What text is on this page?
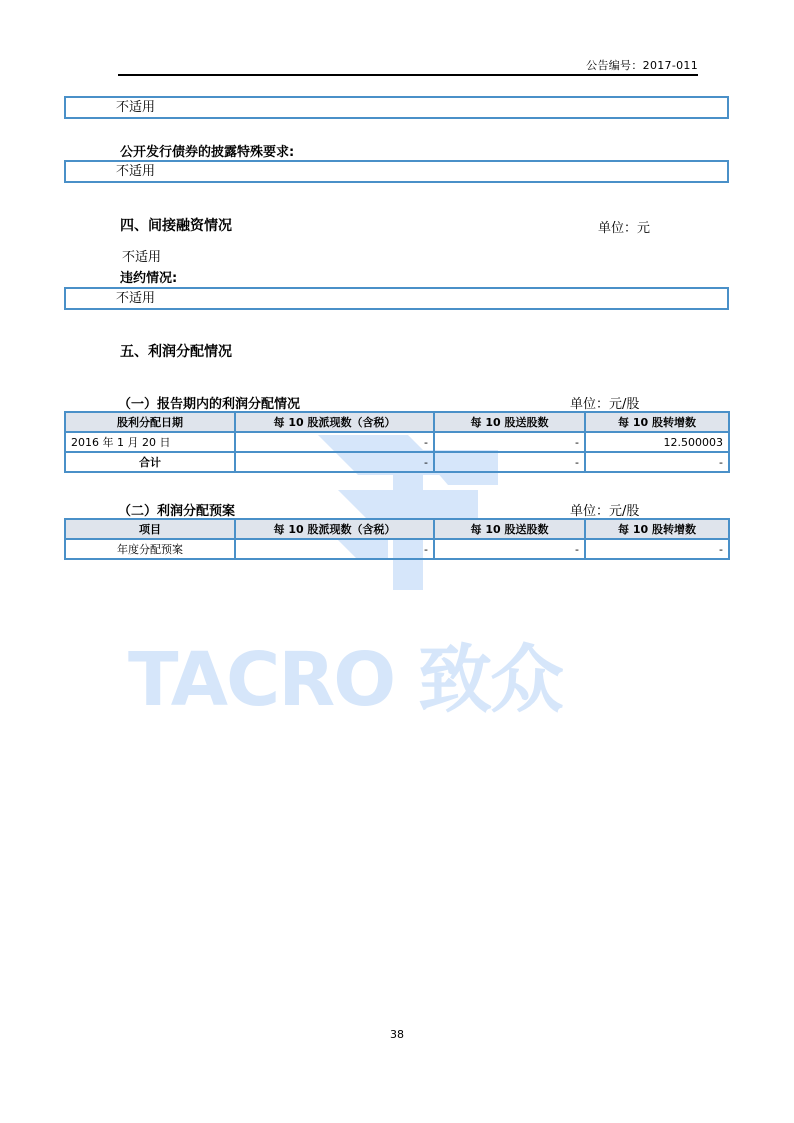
公告编号：2017-011
TACRO 致众
不适用
公开发行债券的披露特殊要求:
不适用
四、间接融资情况	单位：元
不适用
违约情况:
不适用
五、利润分配情况
（一）报告期内的利润分配情况	单位：元/股
股利分配日期	每 10 股派现数（含税）	每 10 股送股数	每 10 股转增数
2016 年 1 月 20 日	-	-	12.500003
合计	-	-	-
（二）利润分配预案	单位：元/股
项目	每 10 股派现数（含税）	每 10 股送股数	每 10 股转增数
年度分配预案	-	-	-
38
